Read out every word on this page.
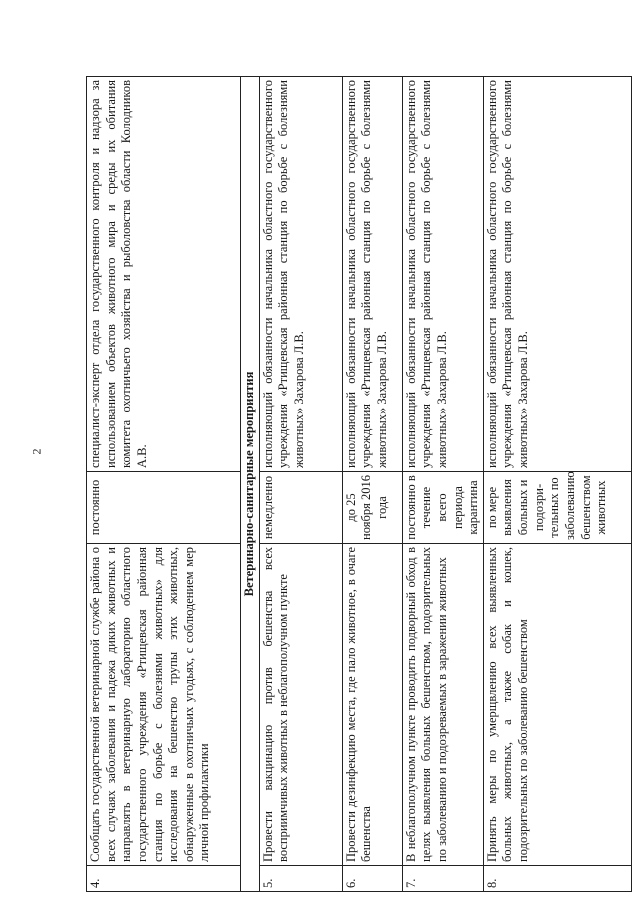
2
4.	Сообщать государственной ветеринарной службе района о всех случаях заболевания и падежа диких животных и направлять в ветеринарную лабораторию областного государственного учреждения «Ртищевская районная станция по борьбе с болезнями животных» для исследования на бешенство трупы этих животных, обнаруженные в охотничьих угодьях, с соблюдением мер личной профилактики	постоянно	специалист-эксперт отдела государственного контроля и надзора за использованием объектов животного мира и среды их обитания комитета охотничьего хозяйства и рыболовства области Колодников А.В.
Ветеринарно-санитарные мероприятия			
5.	Провести вакцинацию против бешенства всех восприимчивых животных в неблагополучном пункте	немедленно	исполняющий обязанности начальника областного государственного учреждения «Ртищевская районная станция по борьбе с болезнями животных» Захарова Л.В.
6.	Провести дезинфекцию места, где пало животное, в очаге бешенства	до 25 ноября 2016 года	исполняющий обязанности начальника областного государственного учреждения «Ртищевская районная станция по борьбе с болезнями животных» Захарова Л.В.
7.	В неблагополучном пункте проводить подворный обход в целях выявления больных бешенством, подозрительных по заболеванию и подозреваемых в заражении животных	постоянно в течение всего периода карантина	исполняющий обязанности начальника областного государственного учреждения «Ртищевская районная станция по борьбе с болезнями животных» Захарова Л.В.
8.	Принять меры по умерщвлению всех выявленных больных животных, а также собак и кошек, подозрительных по заболеванию бешенством	по мере выявления больных и подозри-тельных по заболеванию бешенством животных	исполняющий обязанности начальника областного государственного учреждения «Ртищевская районная станция по борьбе с болезнями животных» Захарова Л.В.
